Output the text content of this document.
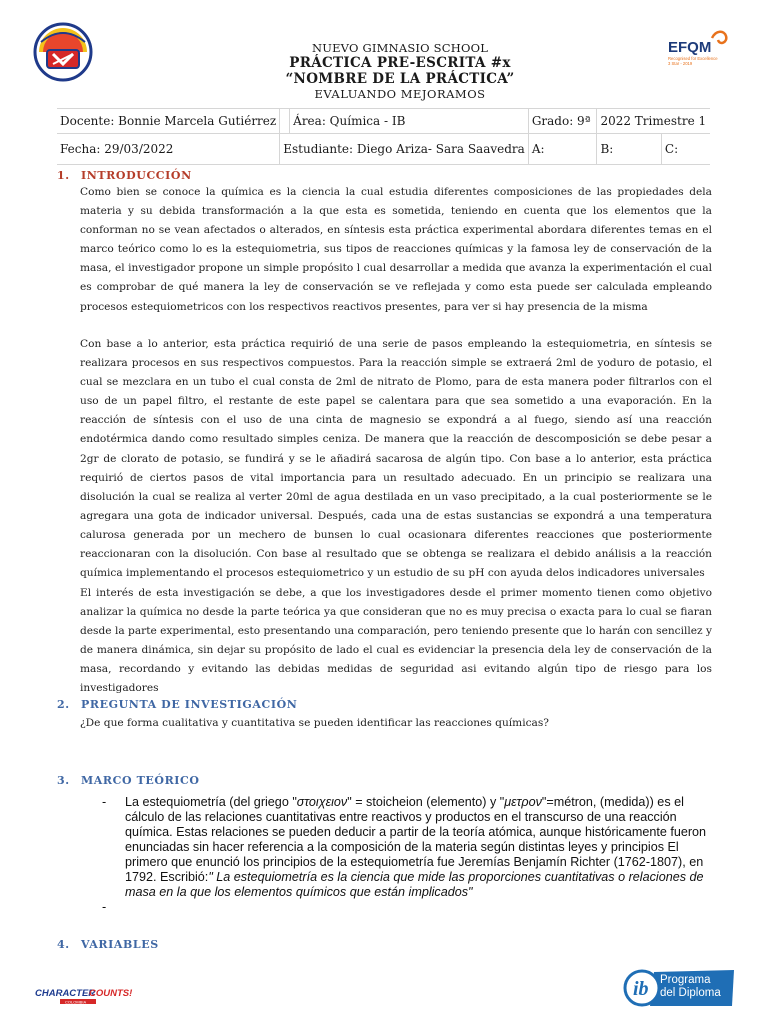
EFQM
Recognised for Excellence
3 Star - 2019
NUEVO GIMNASIO SCHOOL
PRÁCTICA PRE-ESCRITA #x
“NOMBRE DE LA PRÁCTICA”
EVALUANDO MEJORAMOS
Docente: Bonnie Marcela Gutiérrez		Área: Química - IB	Grado: 9ª	2022 Trimestre 1	
Fecha: 29/03/2022	Estudiante: Diego Ariza- Sara Saavedra		A:	B:	C:
1. INTRODUCCIÓN

Como bien se conoce la química es la ciencia la cual estudia diferentes composiciones de las propiedades dela materia y su debida transformación a la que esta es sometida, teniendo en cuenta que los elementos que la conforman no se vean afectados o alterados, en síntesis esta práctica experimental abordara diferentes temas en el marco teórico como lo es la estequiometria, sus tipos de reacciones químicas y la famosa ley de conservación de la masa, el investigador propone un simple propósito l cual desarrollar a medida que avanza la experimentación el cual es comprobar de qué manera la ley de conservación se ve reflejada y como esta puede ser calculada empleando procesos estequiometricos con los respectivos reactivos presentes, para ver si hay presencia de la misma

Con base a lo anterior, esta práctica requirió de una serie de pasos empleando la estequiometria, en síntesis se realizara procesos en sus respectivos compuestos. Para la reacción simple se extraerá 2ml de yoduro de potasio, el cual se mezclara en un tubo el cual consta de 2ml de nitrato de Plomo, para de esta manera poder filtrarlos con el uso de un papel filtro, el restante de este papel se calentara para que sea sometido a una evaporación. En la reacción de síntesis con el uso de una cinta de magnesio se expondrá a al fuego, siendo así una reacción endotérmica dando como resultado simples ceniza. De manera que la reacción de descomposición se debe pesar a 2gr de clorato de potasio, se fundirá y se le añadirá sacarosa de algún tipo. Con base a lo anterior, esta práctica requirió de ciertos pasos de vital importancia para un resultado adecuado. En un principio se realizara una disolución la cual se realiza al verter 20ml de agua destilada en un vaso precipitado, a la cual posteriormente se le agregara una gota de indicador universal. Después, cada una de estas sustancias se expondrá a una temperatura calurosa generada por un mechero de bunsen lo cual ocasionara diferentes reacciones que posteriormente reaccionaran con la disolución. Con base al resultado que se obtenga se realizara el debido análisis a la reacción química implementando el procesos estequiometrico y un estudio de su pH con ayuda delos indicadores universales

El interés de esta investigación se debe, a que los investigadores desde el primer momento tienen como objetivo analizar la química no desde la parte teórica ya que consideran que no es muy precisa o exacta para lo cual se fiaran desde la parte experimental, esto presentando una comparación, pero teniendo presente que lo harán con sencillez y de manera dinámica, sin dejar su propósito de lado el cual es evidenciar la presencia dela ley de conservación de la masa, recordando y evitando las debidas medidas de seguridad asi evitando algún tipo de riesgo para los investigadores

2. PREGUNTA DE INVESTIGACIÓN
¿De que forma cualitativa y cuantitativa se pueden identificar las reacciones químicas?
3. MARCO TEÓRICO
- La estequiometría (del griego "στοιχειον" = stoicheion (elemento) y "μετρον"=métron, (medida)) es el cálculo de las relaciones cuantitativas entre reactivos y productos en el transcurso de una reacción química. Estas relaciones se pueden deducir a partir de la teoría atómica, aunque históricamente fueron enunciadas sin hacer referencia a la composición de la materia según distintas leyes y principios El primero que enunció los principios de la estequiometría fue Jeremías Benjamín Richter (1762-1807), en 1792. Escribió:" La estequiometría es la ciencia que mide las proporciones cuantitativas o relaciones de masa en la que los elementos químicos que están implicados"
-
4. VARIABLES
CHARACTER
COUNTS!
COLOMBIA
ib Programa
del Diploma
